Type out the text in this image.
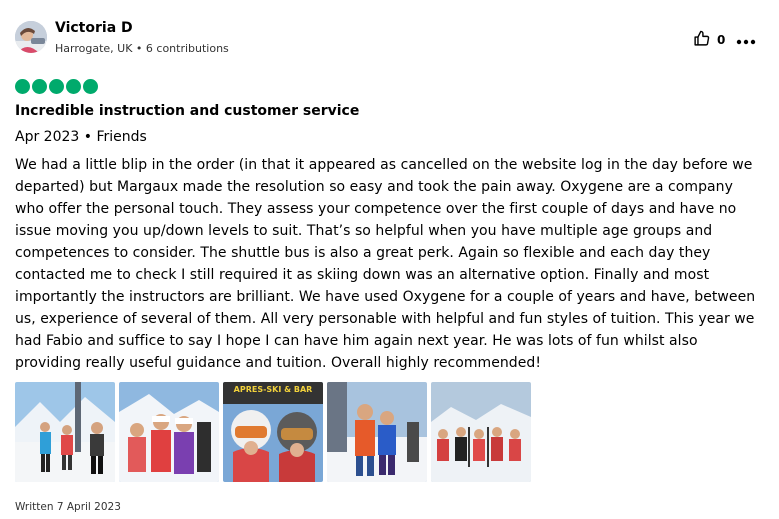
Victoria D
Harrogate, UK • 6 contributions
0
Incredible instruction and customer service
Apr 2023 • Friends
We had a little blip in the order (in that it appeared as cancelled on the website log in the day before we departed) but Margaux made the resolution so easy and took the pain away. Oxygene are a company who offer the personal touch. They assess your competence over the first couple of days and have no issue moving you up/down levels to suit. That’s so helpful when you have multiple age groups and competences to consider. The shuttle bus is also a great perk. Again so flexible and each day they contacted me to check I still required it as skiing down was an alternative option. Finally and most importantly the instructors are brilliant. We have used Oxygene for a couple of years and have, between us, experience of several of them. All very personable with helpful and fun styles of tuition. This year we had Fabio and suffice to say I hope I can have him again next year. He was lots of fun whilst also providing really useful guidance and tuition. Overall highly recommended!
APRES-SKI & BAR
Written 7 April 2023
